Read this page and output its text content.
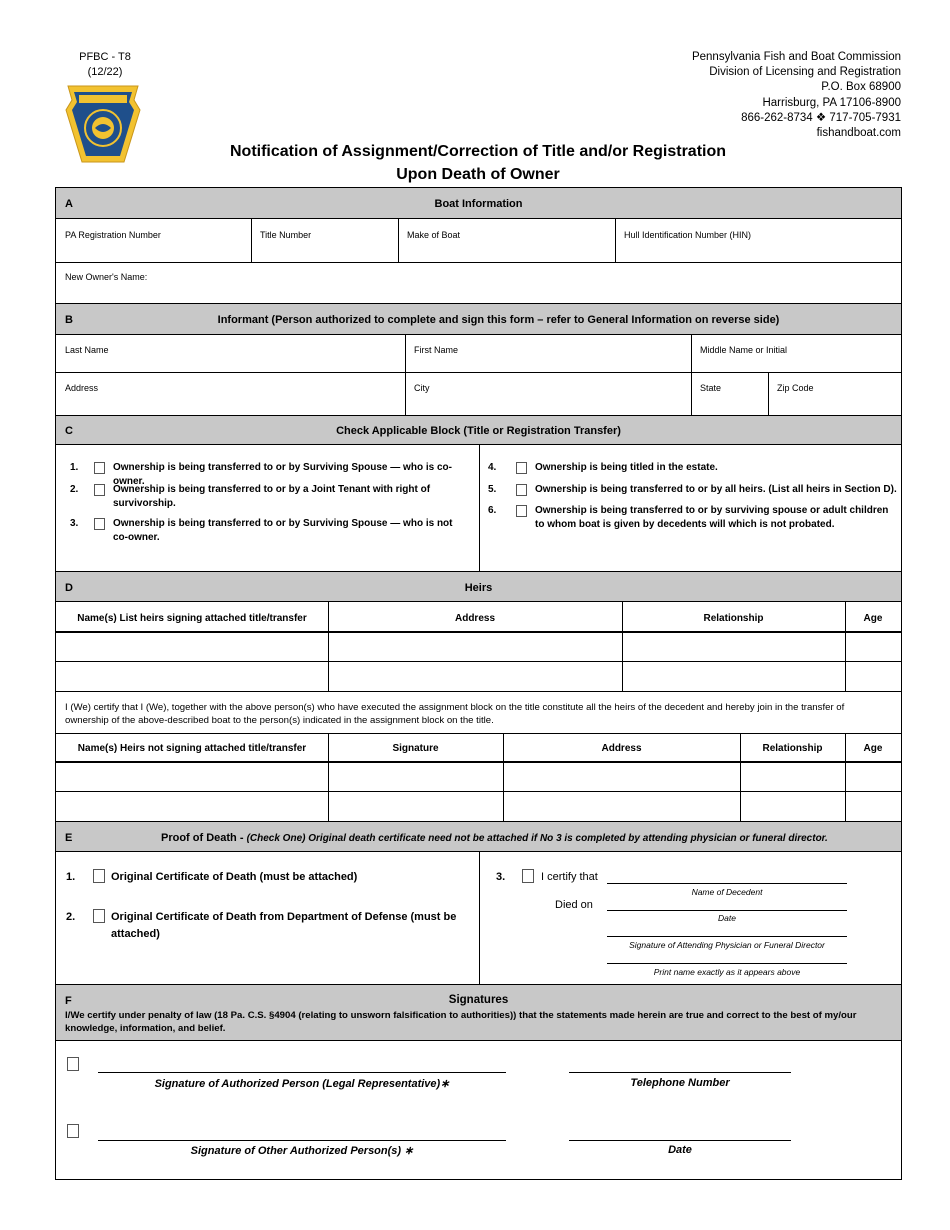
PFBC - T8
(12/22)
Pennsylvania Fish and Boat Commission
Division of Licensing and Registration
P.O. Box 68900
Harrisburg, PA 17106-8900
866-262-8734 ❖ 717-705-7931
fishandboat.com
Notification of Assignment/Correction of Title and/or Registration
Upon Death of Owner
A	Boat Information
PA Registration Number	Title Number	Make of Boat	Hull Identification Number (HIN)
New Owner's Name:
B	Informant (Person authorized to complete and sign this form – refer to General Information on reverse side)
Last Name	First Name	Middle Name or Initial
Address	City	State	Zip Code
C	Check Applicable Block (Title or Registration Transfer)
1.	Ownership is being transferred to or by Surviving Spouse — who is co-owner.
2.	Ownership is being transferred to or by a Joint Tenant with right of survivorship.
3.	Ownership is being transferred to or by Surviving Spouse — who is not co-owner.
4.	Ownership is being titled in the estate.
5.	Ownership is being transferred to or by all heirs. (List all heirs in Section D).
6.	Ownership is being transferred to or by surviving spouse or adult children to whom boat is given by decedents will which is not probated.
D	Heirs
Name(s) List heirs signing attached title/transfer	Address	Relationship	Age
I (We) certify that I (We), together with the above person(s) who have executed the assignment block on the title constitute all the heirs of the decedent and hereby join in the transfer of ownership of the above-described boat to the person(s) indicated in the assignment block on the title.
Name(s) Heirs not signing attached title/transfer	Signature	Address	Relationship	Age
E	Proof of Death - (Check One) Original death certificate need not be attached if No 3 is completed by attending physician or funeral director.
1.	Original Certificate of Death (must be attached)
2.	Original Certificate of Death from Department of Defense (must be attached)
3.	I certify that
Name of Decedent
Died on
Date
Signature of Attending Physician or Funeral Director
Print name exactly as it appears above
F	Signatures
I/We certify under penalty of law (18 Pa. C.S. §4904 (relating to unsworn falsification to authorities)) that the statements made herein are true and correct to the best of my/our knowledge, information, and belief.
Signature of Authorized Person (Legal Representative)∗	Telephone Number
Signature of Other Authorized Person(s) ∗	Date
